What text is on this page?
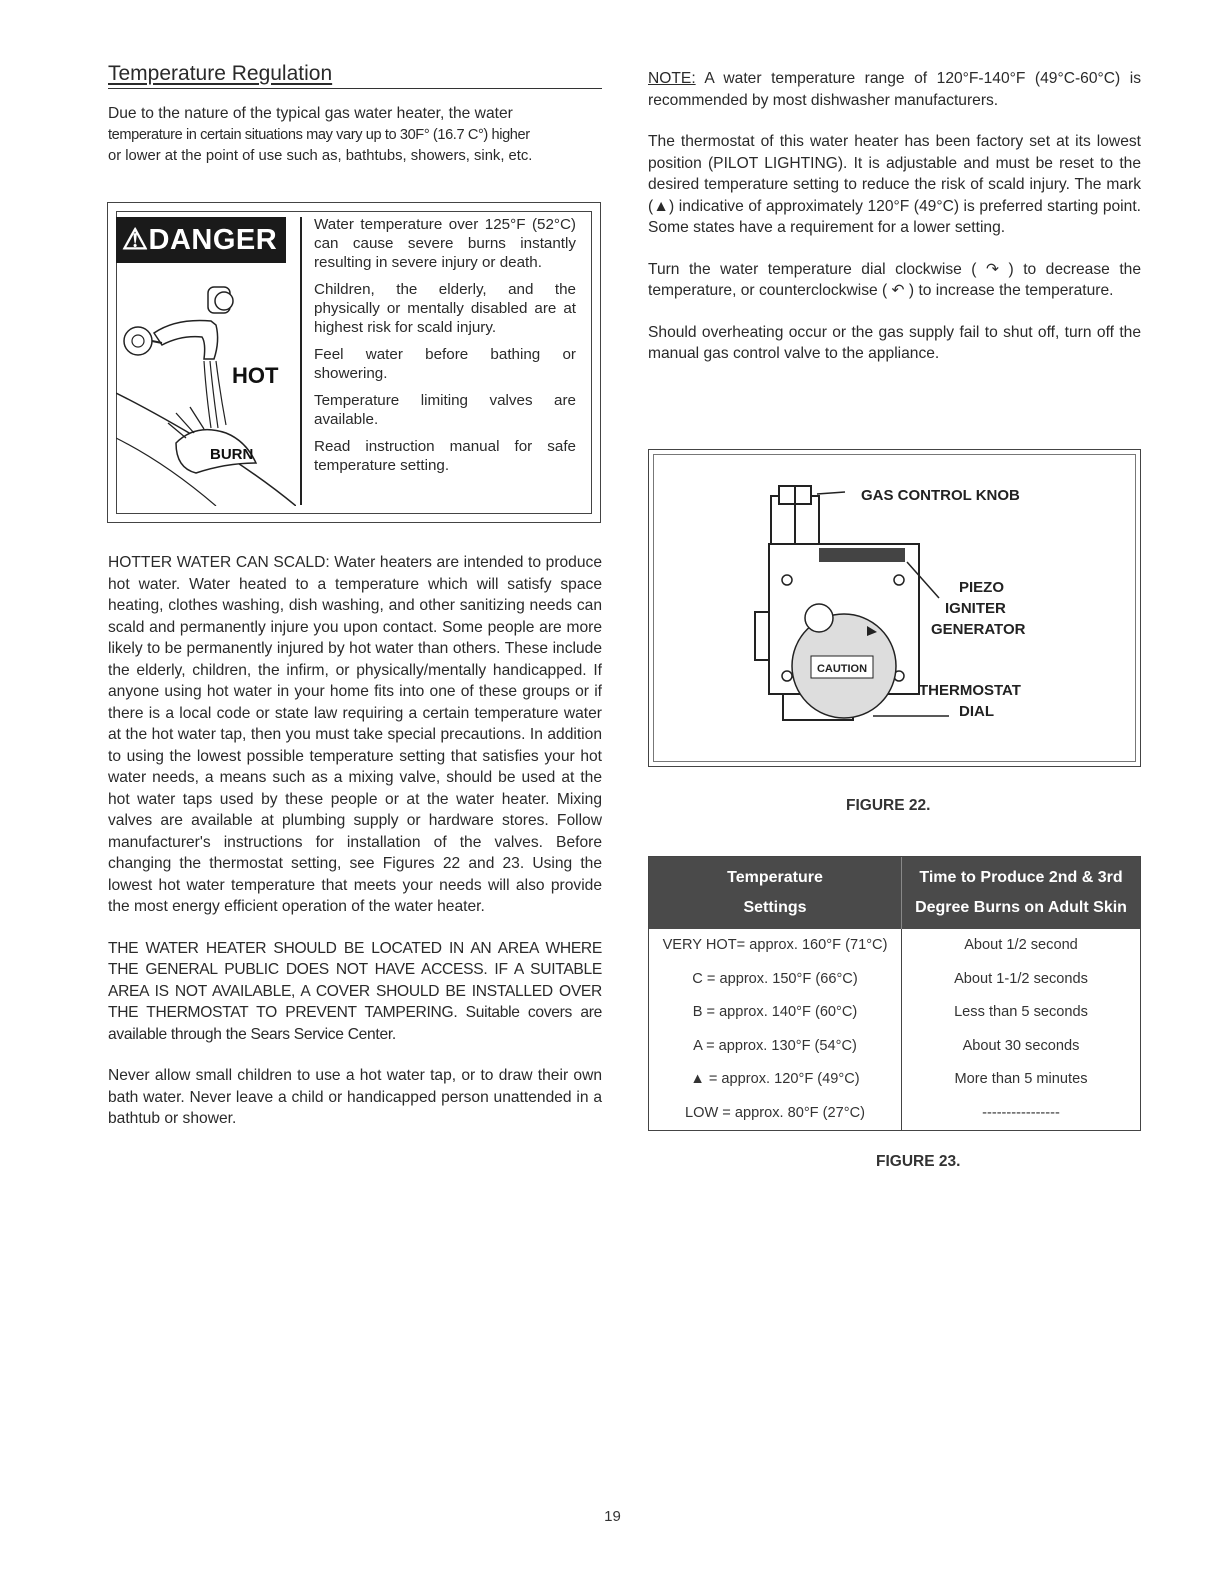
Temperature Regulation

Due to the nature of the typical gas water heater, the water

temperature in certain situations may vary up to 30F° (16.7 C°) higher

or lower at the point of use such as, bathtubs, showers, sink, etc.

⚠DANGER
HOT
BURN

Water temperature over 125°F (52°C) can cause severe burns instantly resulting in severe injury or death.

Children, the elderly, and the physically or mentally disabled are at highest risk for scald injury.

Feel water before bathing or showering.

Temperature limiting valves are available.

Read instruction manual for safe temperature setting.

HOTTER WATER CAN SCALD: Water heaters are intended to produce hot water. Water heated to a temperature which will satisfy space heating, clothes washing, dish washing, and other sanitizing needs can scald and permanently injure you upon contact. Some people are more likely to be permanently injured by hot water than others. These include the elderly, children, the infirm, or physically/mentally handicapped. If anyone using hot water in your home fits into one of these groups or if there is a local code or state law requiring a certain temperature water at the hot water tap, then you must take special precautions. In addition to using the lowest possible temperature setting that satisfies your hot water needs, a means such as a mixing valve, should be used at the hot water taps used by these people or at the water heater. Mixing valves are available at plumbing supply or hardware stores. Follow manufacturer's instructions for installation of the valves. Before changing the thermostat setting, see Figures 22 and 23. Using the lowest hot water temperature that meets your needs will also provide the most energy efficient operation of the water heater.

THE WATER HEATER SHOULD BE LOCATED IN AN AREA WHERE THE GENERAL PUBLIC DOES NOT HAVE ACCESS. IF A SUITABLE AREA IS NOT AVAILABLE, A COVER SHOULD BE INSTALLED OVER THE THERMOSTAT TO PREVENT TAMPERING. Suitable covers are available through the Sears Service Center.

Never allow small children to use a hot water tap, or to draw their own bath water. Never leave a child or handicapped person unattended in a bathtub or shower.

NOTE: A water temperature range of 120°F-140°F (49°C-60°C) is recommended by most dishwasher manufacturers.

The thermostat of this water heater has been factory set at its lowest position (PILOT LIGHTING). It is adjustable and must be reset to the desired temperature setting to reduce the risk of scald injury. The mark (▲) indicative of approximately 120°F (49°C) is preferred starting point. Some states have a requirement for a lower setting.

Turn the water temperature dial clockwise ( ↷ ) to decrease the temperature, or counterclockwise ( ↶ ) to increase the temperature.

Should overheating occur or the gas supply fail to shut off, turn off the manual gas control valve to the appliance.

CAUTION
GAS CONTROL KNOB
PIEZO
IGNITER
GENERATOR
THERMOSTAT
DIAL
FIGURE 22.
Temperature
Settings	Time to Produce 2nd & 3rd
Degree Burns on Adult Skin
VERY HOT= approx. 160°F (71°C)	About 1/2 second
C = approx. 150°F (66°C)	About 1-1/2 seconds
B = approx. 140°F (60°C)	Less than 5 seconds
A = approx. 130°F (54°C)	About 30 seconds
▲ = approx. 120°F (49°C)	More than 5 minutes
LOW = approx. 80°F (27°C)	----------------
FIGURE 23.
19
